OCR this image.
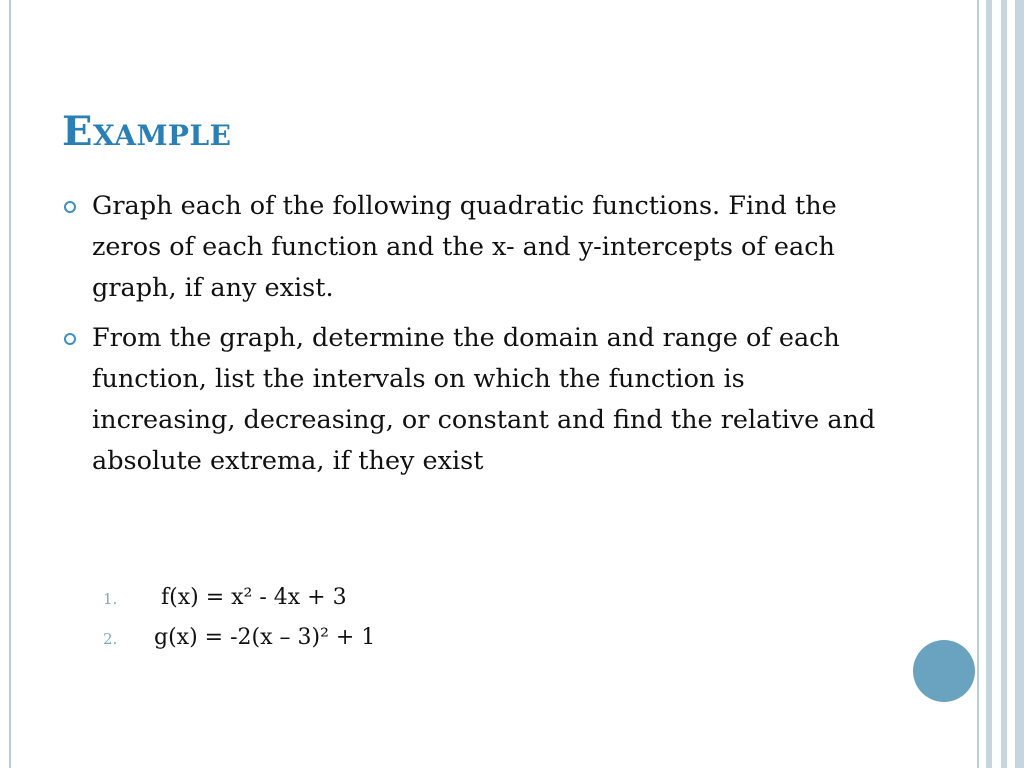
Example
Graph each of the following quadratic functions. Find the zeros of each function and the x- and y-intercepts of each graph, if any exist.
From the graph, determine the domain and range of each function, list the intervals on which the function is increasing, decreasing, or constant and find the relative and absolute extrema, if they exist
1. f(x) = x² - 4x + 3
2. g(x) = -2(x – 3)² + 1
